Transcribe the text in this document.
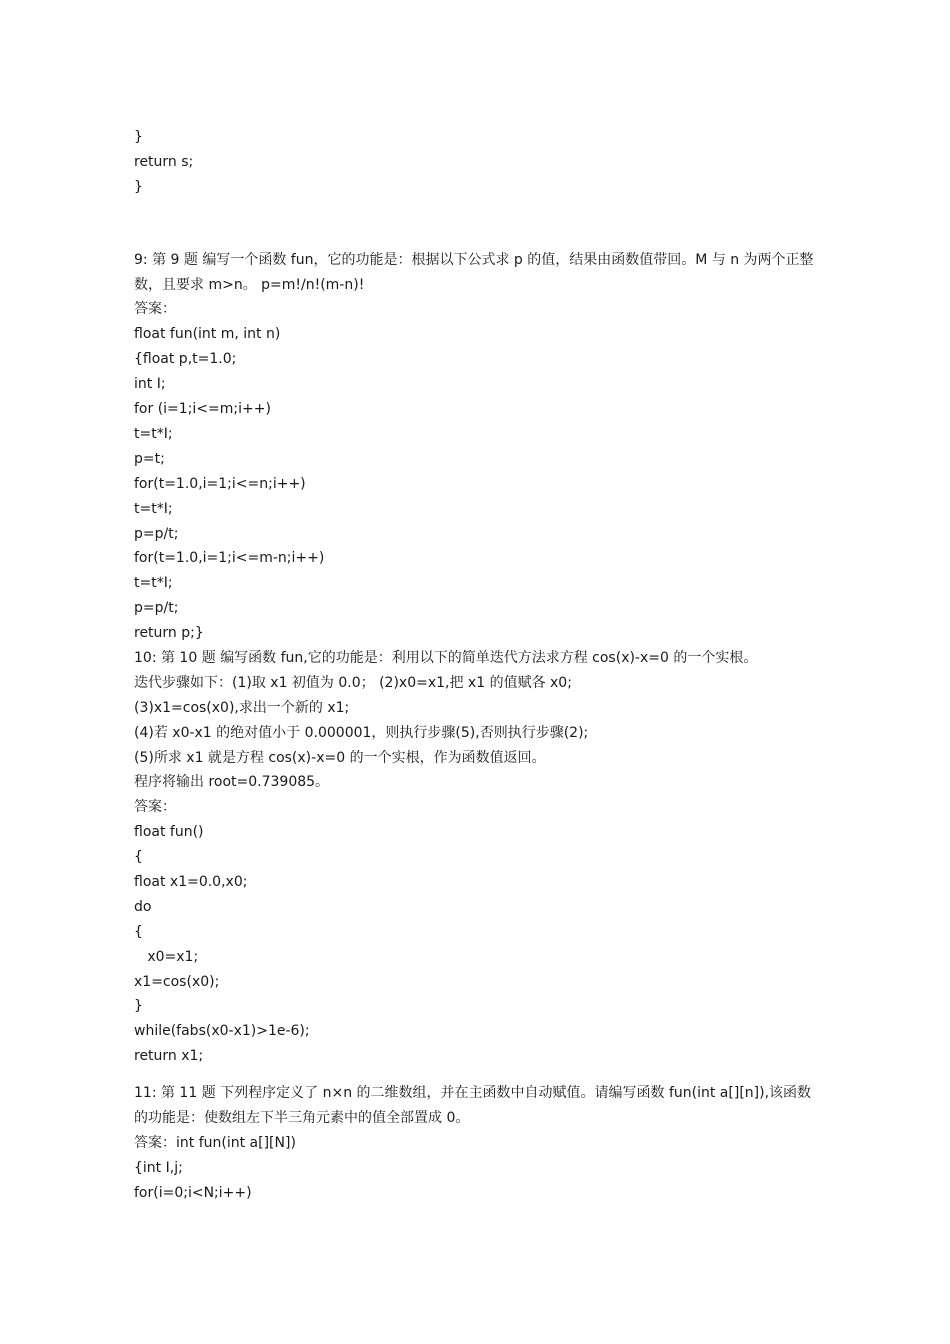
}
return s;
}
9: 第 9 题 编写一个函数 fun，它的功能是：根据以下公式求 p 的值，结果由函数值带回。M 与 n 为两个正整数，且要求 m>n。 p=m!/n!(m-n)!
答案：
float fun(int m, int n)
{float p,t=1.0;
int I;
for (i=1;i<=m;i++)
t=t*I;
p=t;
for(t=1.0,i=1;i<=n;i++)
t=t*I;
p=p/t;
for(t=1.0,i=1;i<=m-n;i++)
t=t*I;
p=p/t;
return p;}
10: 第 10 题 编写函数 fun,它的功能是：利用以下的简单迭代方法求方程 cos(x)-x=0 的一个实根。
迭代步骤如下：(1)取 x1 初值为 0.0； (2)x0=x1,把 x1 的值赋各 x0;
(3)x1=cos(x0),求出一个新的 x1;
(4)若 x0-x1 的绝对值小于 0.000001，则执行步骤(5),否则执行步骤(2);
(5)所求 x1 就是方程 cos(x)-x=0 的一个实根，作为函数值返回。
程序将输出 root=0.739085。
答案：
float fun()
{
float x1=0.0,x0;
do
{
x0=x1;
x1=cos(x0);
}
while(fabs(x0-x1)>1e-6);
return x1;
11: 第 11 题 下列程序定义了 n×n 的二维数组，并在主函数中自动赋值。请编写函数 fun(int a[][n]),该函数的功能是：使数组左下半三角元素中的值全部置成 0。
答案：int fun(int a[][N])
{int I,j;
for(i=0;i<N;i++)
